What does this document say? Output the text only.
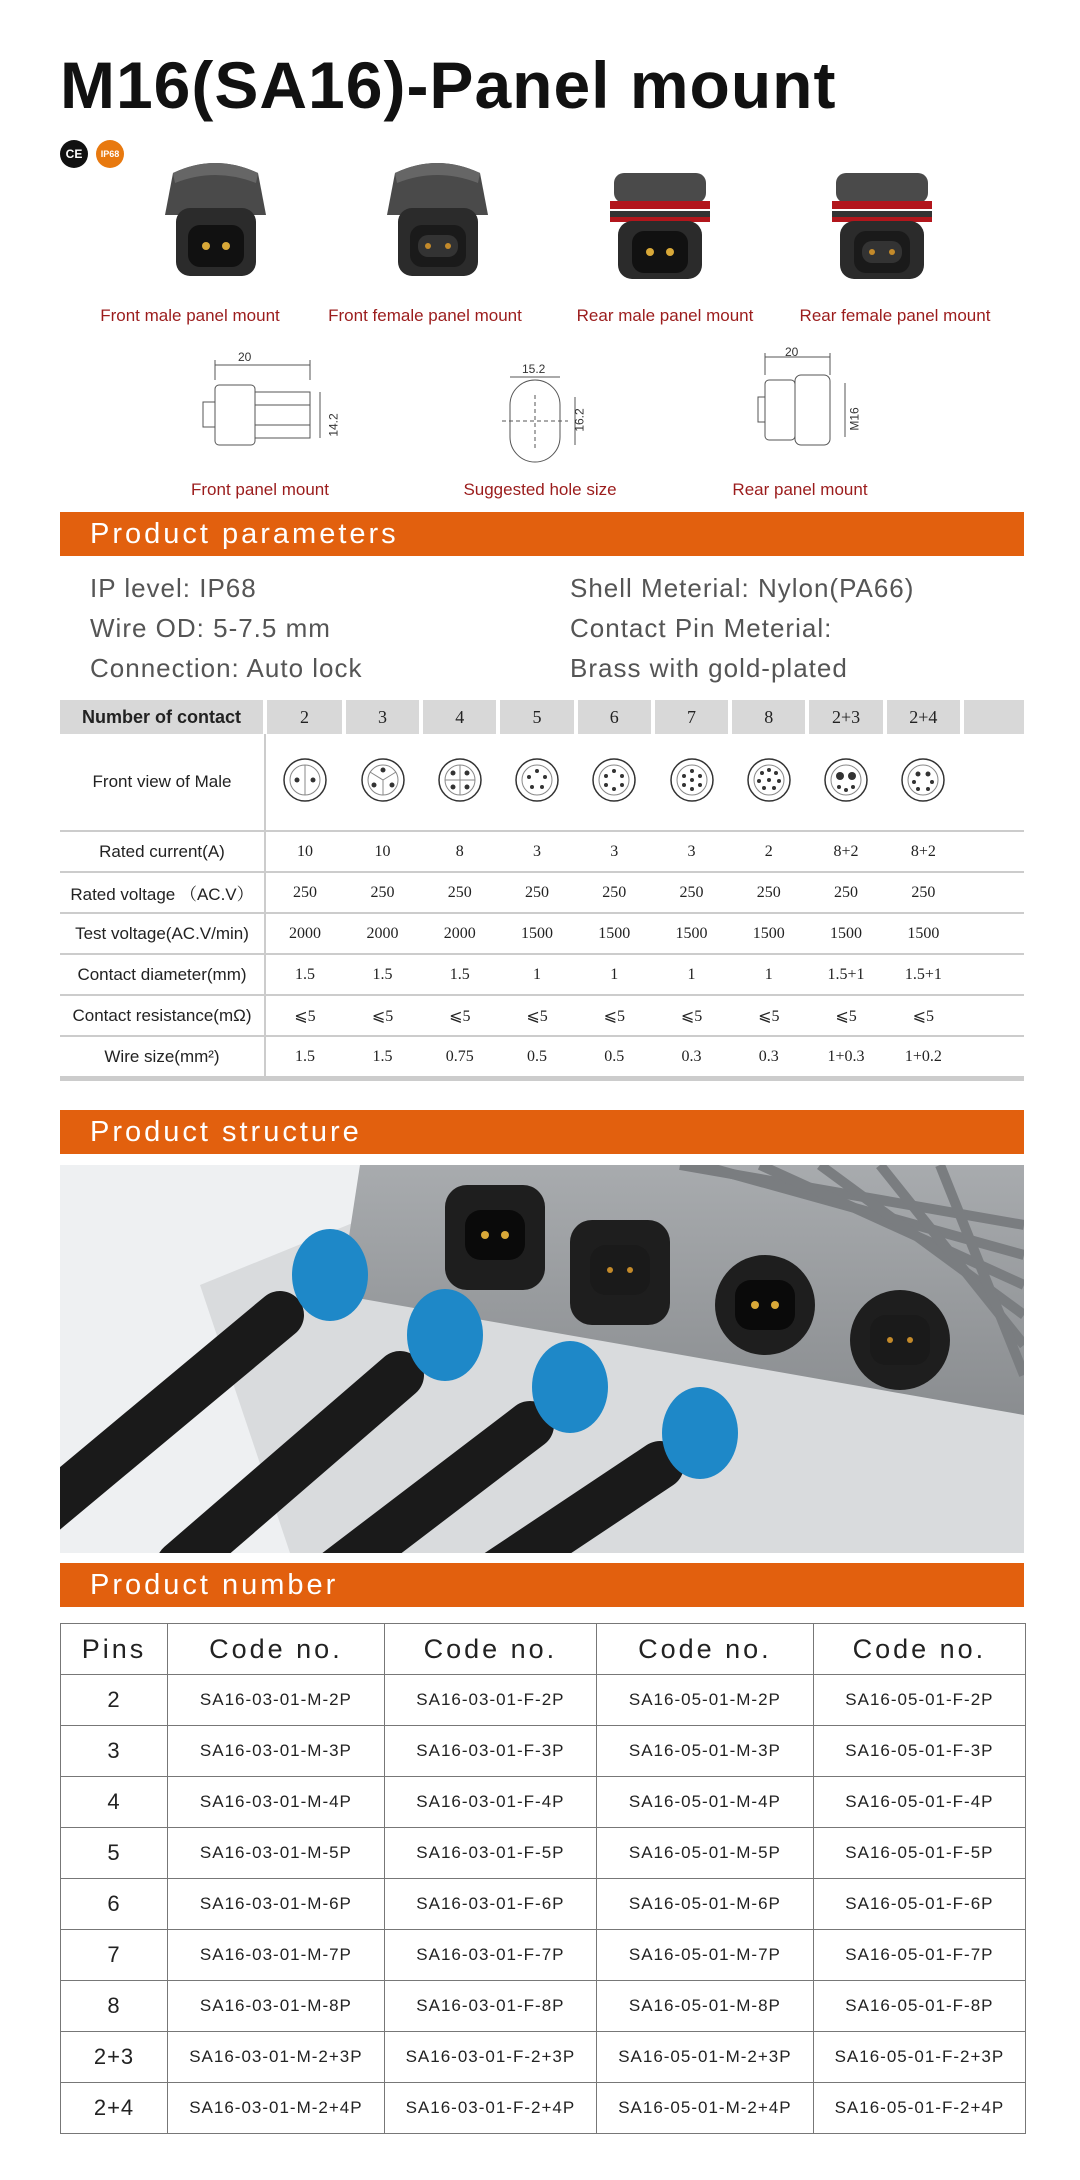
M16(SA16)-Panel mount
CE	IP68
Front male panel mount	Front female panel mount	Rear male panel mount	Rear female panel mount
20
14.2
15.2
16.2
20
M16
Front panel mount	Suggested hole size	Rear panel mount
Product parameters
IP level: IP68
Wire OD: 5-7.5 mm
Connection: Auto lock
Shell Meterial: Nylon(PA66)
Contact Pin Meterial:
Brass with gold-plated
Number of contact	2	3	4	5	6	7	8	2+3	2+4	
Front view of Male										
Rated current(A)	10	10	8	3	3	3	2	8+2	8+2	
Rated voltage （AC.V）	250	250	250	250	250	250	250	250	250	
Test voltage(AC.V/min)	2000	2000	2000	1500	1500	1500	1500	1500	1500	
Contact diameter(mm)	1.5	1.5	1.5	1	1	1	1	1.5+1	1.5+1	
Contact resistance(mΩ)	⩽5	⩽5	⩽5	⩽5	⩽5	⩽5	⩽5	⩽5	⩽5	
Wire size(mm²)	1.5	1.5	0.75	0.5	0.5	0.3	0.3	1+0.3	1+0.2	
Product structure
Product number
Pins	Code no.	Code no.	Code no.	Code no.
2	SA16-03-01-M-2P	SA16-03-01-F-2P	SA16-05-01-M-2P	SA16-05-01-F-2P
3	SA16-03-01-M-3P	SA16-03-01-F-3P	SA16-05-01-M-3P	SA16-05-01-F-3P
4	SA16-03-01-M-4P	SA16-03-01-F-4P	SA16-05-01-M-4P	SA16-05-01-F-4P
5	SA16-03-01-M-5P	SA16-03-01-F-5P	SA16-05-01-M-5P	SA16-05-01-F-5P
6	SA16-03-01-M-6P	SA16-03-01-F-6P	SA16-05-01-M-6P	SA16-05-01-F-6P
7	SA16-03-01-M-7P	SA16-03-01-F-7P	SA16-05-01-M-7P	SA16-05-01-F-7P
8	SA16-03-01-M-8P	SA16-03-01-F-8P	SA16-05-01-M-8P	SA16-05-01-F-8P
2+3	SA16-03-01-M-2+3P	SA16-03-01-F-2+3P	SA16-05-01-M-2+3P	SA16-05-01-F-2+3P
2+4	SA16-03-01-M-2+4P	SA16-03-01-F-2+4P	SA16-05-01-M-2+4P	SA16-05-01-F-2+4P
